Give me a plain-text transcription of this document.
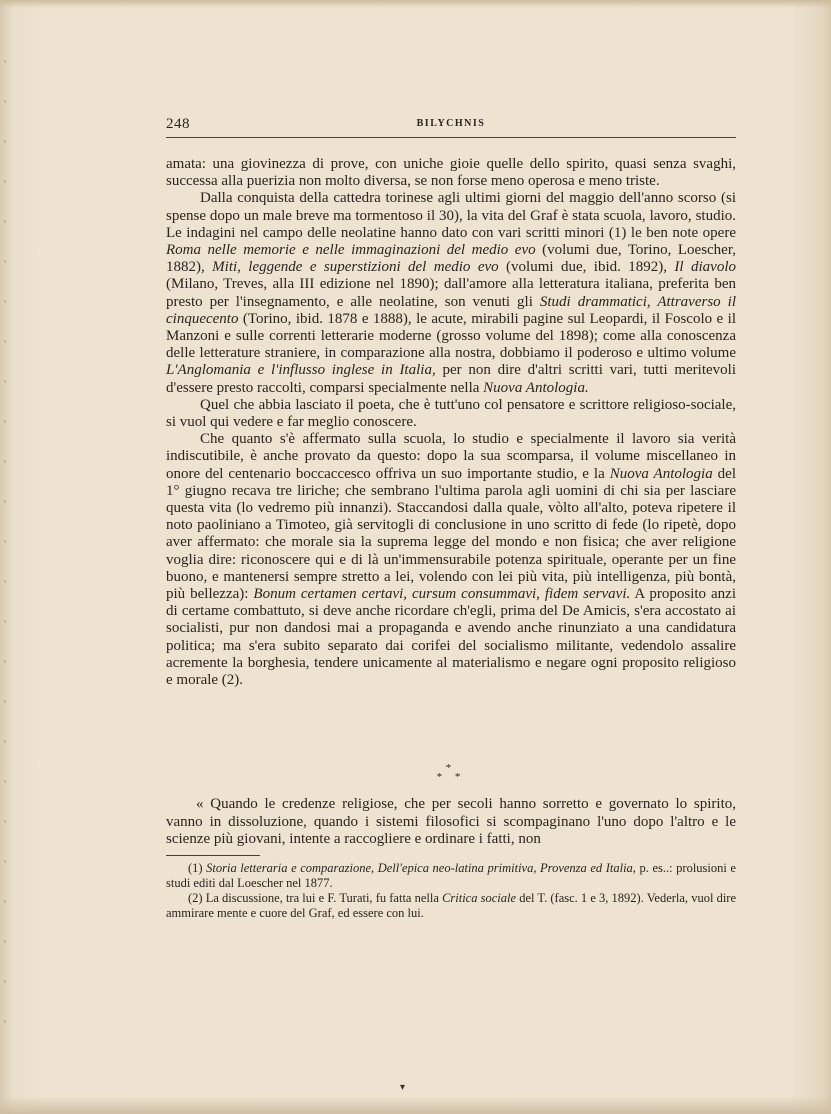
248	BILYCHNIS

amata: una giovinezza di prove, con uniche gioie quelle dello spirito, quasi senza svaghi, successa alla puerizia non molto diversa, se non forse meno operosa e meno triste.

Dalla conquista della cattedra torinese agli ultimi giorni del maggio dell'anno scorso (si spense dopo un male breve ma tormentoso il 30), la vita del Graf è stata scuola, lavoro, studio. Le indagini nel campo delle neolatine hanno dato con vari scritti minori (1) le ben note opere Roma nelle memorie e nelle immaginazioni del medio evo (volumi due, Torino, Loescher, 1882), Miti, leggende e superstizioni del medio evo (volumi due, ibid. 1892), Il diavolo (Milano, Treves, alla III edizione nel 1890); dall'amore alla letteratura italiana, preferita ben presto per l'insegnamento, e alle neolatine, son venuti gli Studi drammatici, Attraverso il cinquecento (Torino, ibid. 1878 e 1888), le acute, mirabili pagine sul Leopardi, il Foscolo e il Manzoni e sulle correnti letterarie moderne (grosso volume del 1898); come alla conoscenza delle letterature straniere, in comparazione alla nostra, dobbiamo il poderoso e ultimo volume L'Anglomania e l'influsso inglese in Italia, per non dire d'altri scritti vari, tutti meritevoli d'essere presto raccolti, comparsi specialmente nella Nuova Antologia.

Quel che abbia lasciato il poeta, che è tutt'uno col pensatore e scrittore religioso-sociale, si vuol qui vedere e far meglio conoscere.

Che quanto s'è affermato sulla scuola, lo studio e specialmente il lavoro sia verità indiscutibile, è anche provato da questo: dopo la sua scomparsa, il volume miscellaneo in onore del centenario boccaccesco offriva un suo importante studio, e la Nuova Antologia del 1° giugno recava tre liriche; che sembrano l'ultima parola agli uomini di chi sia per lasciare questa vita (lo vedremo più innanzi). Staccandosi dalla quale, vòlto all'alto, poteva ripetere il noto paoliniano a Timoteo, già servitogli di conclusione in uno scritto di fede (lo ripetè, dopo aver affermato: che morale sia la suprema legge del mondo e non fisica; che aver religione voglia dire: riconoscere qui e di là un'immensurabile potenza spirituale, operante per un fine buono, e mantenersi sempre stretto a lei, volendo con lei più vita, più intelligenza, più bontà, più bellezza): Bonum certamen certavi, cursum consummavi, fidem servavi. A proposito anzi di certame combattuto, si deve anche ricordare ch'egli, prima del De Amicis, s'era accostato ai socialisti, pur non dandosi mai a propaganda e avendo anche rinunziato a una candidatura politica; ma s'era subito separato dai corifei del socialismo militante, vedendolo assalire acremente la borghesia, tendere unicamente al materialismo e negare ogni proposito religioso e morale (2).

*
* *

« Quando le credenze religiose, che per secoli hanno sorretto e governato lo spirito, vanno in dissoluzione, quando i sistemi filosofici si scompaginano l'uno dopo l'altro e le scienze più giovani, intente a raccogliere e ordinare i fatti, non

(1) Storia letteraria e comparazione, Dell'epica neo-latina primitiva, Provenza ed Italia, p. es..: prolusioni e studi editi dal Loescher nel 1877.

(2) La discussione, tra lui e F. Turati, fu fatta nella Critica sociale del T. (fasc. 1 e 3, 1892). Vederla, vuol dire ammirare mente e cuore del Graf, ed essere con lui.

▾
